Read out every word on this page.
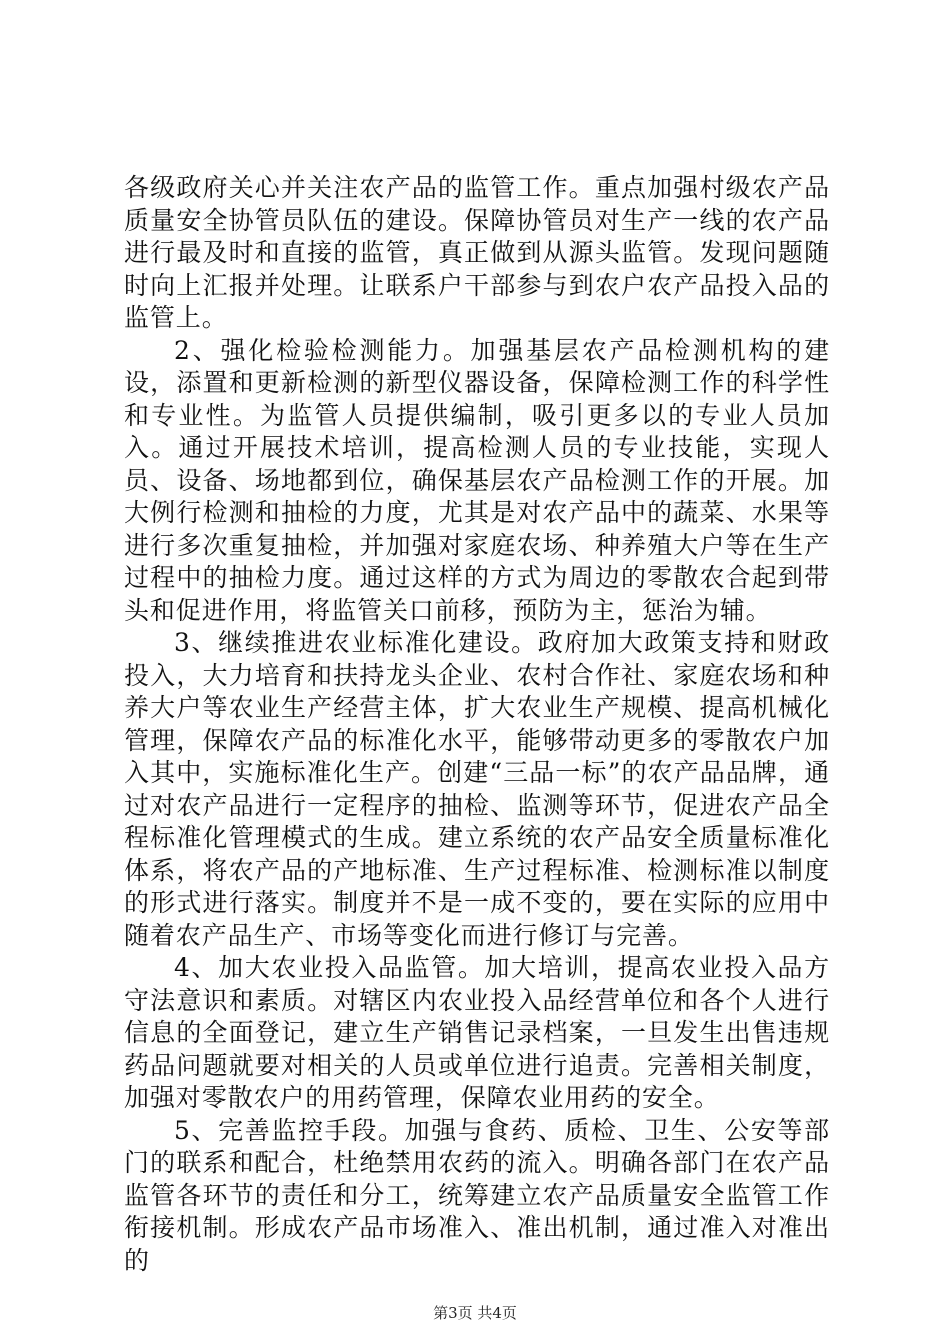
各级政府关心并关注农产品的监管工作。重点加强村级农产品质量安全协管员队伍的建设。保障协管员对生产一线的农产品进行最及时和直接的监管，真正做到从源头监管。发现问题随时向上汇报并处理。让联系户干部参与到农户农产品投入品的监管上。

2、强化检验检测能力。加强基层农产品检测机构的建设，添置和更新检测的新型仪器设备，保障检测工作的科学性和专业性。为监管人员提供编制，吸引更多以的专业人员加入。通过开展技术培训，提高检测人员的专业技能，实现人员、设备、场地都到位，确保基层农产品检测工作的开展。加大例行检测和抽检的力度，尤其是对农产品中的蔬菜、水果等进行多次重复抽检，并加强对家庭农场、种养殖大户等在生产过程中的抽检力度。通过这样的方式为周边的零散农合起到带头和促进作用，将监管关口前移，预防为主，惩治为辅。

3、继续推进农业标准化建设。政府加大政策支持和财政投入，大力培育和扶持龙头企业、农村合作社、家庭农场和种养大户等农业生产经营主体，扩大农业生产规模、提高机械化管理，保障农产品的标准化水平，能够带动更多的零散农户加入其中，实施标准化生产。创建“三品一标”的农产品品牌，通过对农产品进行一定程序的抽检、监测等环节，促进农产品全程标准化管理模式的生成。建立系统的农产品安全质量标准化体系，将农产品的产地标准、生产过程标准、检测标准以制度的形式进行落实。制度并不是一成不变的，要在实际的应用中随着农产品生产、市场等变化而进行修订与完善。

4、加大农业投入品监管。加大培训，提高农业投入品方守法意识和素质。对辖区内农业投入品经营单位和各个人进行信息的全面登记，建立生产销售记录档案，一旦发生出售违规药品问题就要对相关的人员或单位进行追责。完善相关制度，加强对零散农户的用药管理，保障农业用药的安全。

5、完善监控手段。加强与食药、质检、卫生、公安等部门的联系和配合，杜绝禁用农药的流入。明确各部门在农产品监管各环节的责任和分工，统筹建立农产品质量安全监管工作衔接机制。形成农产品市场准入、准出机制，通过准入对准出的

第3页 共4页
